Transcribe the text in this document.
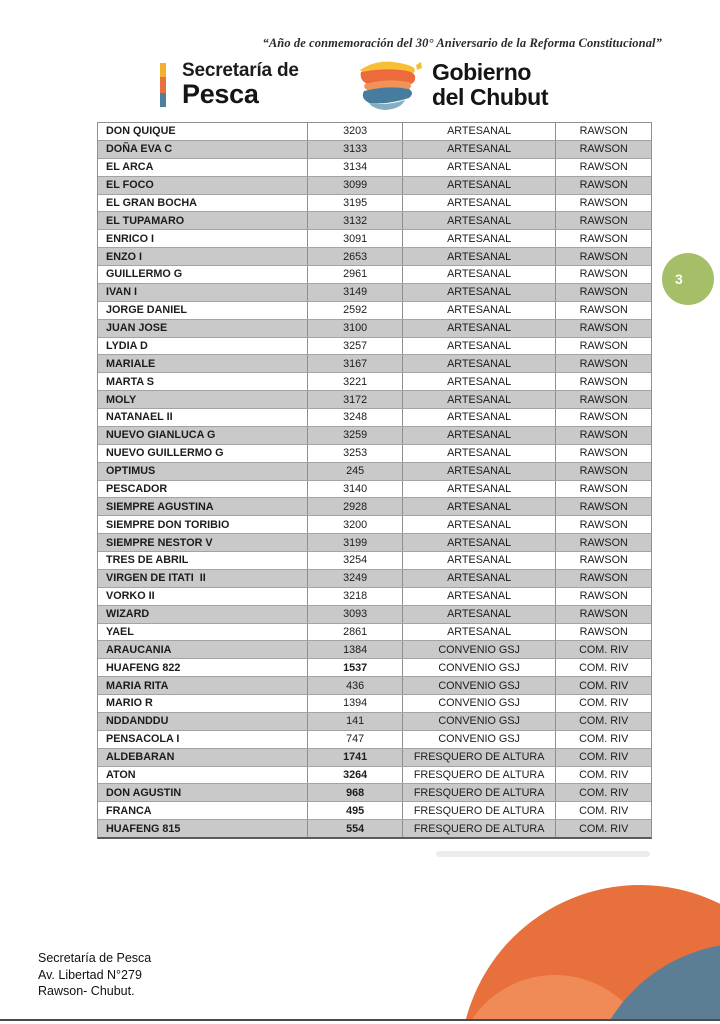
“Año de conmemoración del 30° Aniversario de la Reforma Constitucional”
Secretaría de
Pesca
Gobierno
del Chubut
DON QUIQUE	3203	ARTESANAL	RAWSON
DOÑA EVA C	3133	ARTESANAL	RAWSON
EL ARCA	3134	ARTESANAL	RAWSON
EL FOCO	3099	ARTESANAL	RAWSON
EL GRAN BOCHA	3195	ARTESANAL	RAWSON
EL TUPAMARO	3132	ARTESANAL	RAWSON
ENRICO I	3091	ARTESANAL	RAWSON
ENZO I	2653	ARTESANAL	RAWSON
GUILLERMO G	2961	ARTESANAL	RAWSON
IVAN I	3149	ARTESANAL	RAWSON
JORGE DANIEL	2592	ARTESANAL	RAWSON
JUAN JOSE	3100	ARTESANAL	RAWSON
LYDIA D	3257	ARTESANAL	RAWSON
MARIALE	3167	ARTESANAL	RAWSON
MARTA S	3221	ARTESANAL	RAWSON
MOLY	3172	ARTESANAL	RAWSON
NATANAEL II	3248	ARTESANAL	RAWSON
NUEVO GIANLUCA G	3259	ARTESANAL	RAWSON
NUEVO GUILLERMO G	3253	ARTESANAL	RAWSON
OPTIMUS	245	ARTESANAL	RAWSON
PESCADOR	3140	ARTESANAL	RAWSON
SIEMPRE AGUSTINA	2928	ARTESANAL	RAWSON
SIEMPRE DON TORIBIO	3200	ARTESANAL	RAWSON
SIEMPRE NESTOR V	3199	ARTESANAL	RAWSON
TRES DE ABRIL	3254	ARTESANAL	RAWSON
VIRGEN DE ITATI  II	3249	ARTESANAL	RAWSON
VORKO II	3218	ARTESANAL	RAWSON
WIZARD	3093	ARTESANAL	RAWSON
YAEL	2861	ARTESANAL	RAWSON
ARAUCANIA	1384	CONVENIO GSJ	COM. RIV
HUAFENG 822	1537	CONVENIO GSJ	COM. RIV
MARIA RITA	436	CONVENIO GSJ	COM. RIV
MARIO R	1394	CONVENIO GSJ	COM. RIV
NDDANDDU	141	CONVENIO GSJ	COM. RIV
PENSACOLA I	747	CONVENIO GSJ	COM. RIV
ALDEBARAN	1741	FRESQUERO DE ALTURA	COM. RIV
ATON	3264	FRESQUERO DE ALTURA	COM. RIV
DON AGUSTIN	968	FRESQUERO DE ALTURA	COM. RIV
FRANCA	495	FRESQUERO DE ALTURA	COM. RIV
HUAFENG 815	554	FRESQUERO DE ALTURA	COM. RIV
3
Secretaría de Pesca
Av. Libertad N°279
Rawson- Chubut.
